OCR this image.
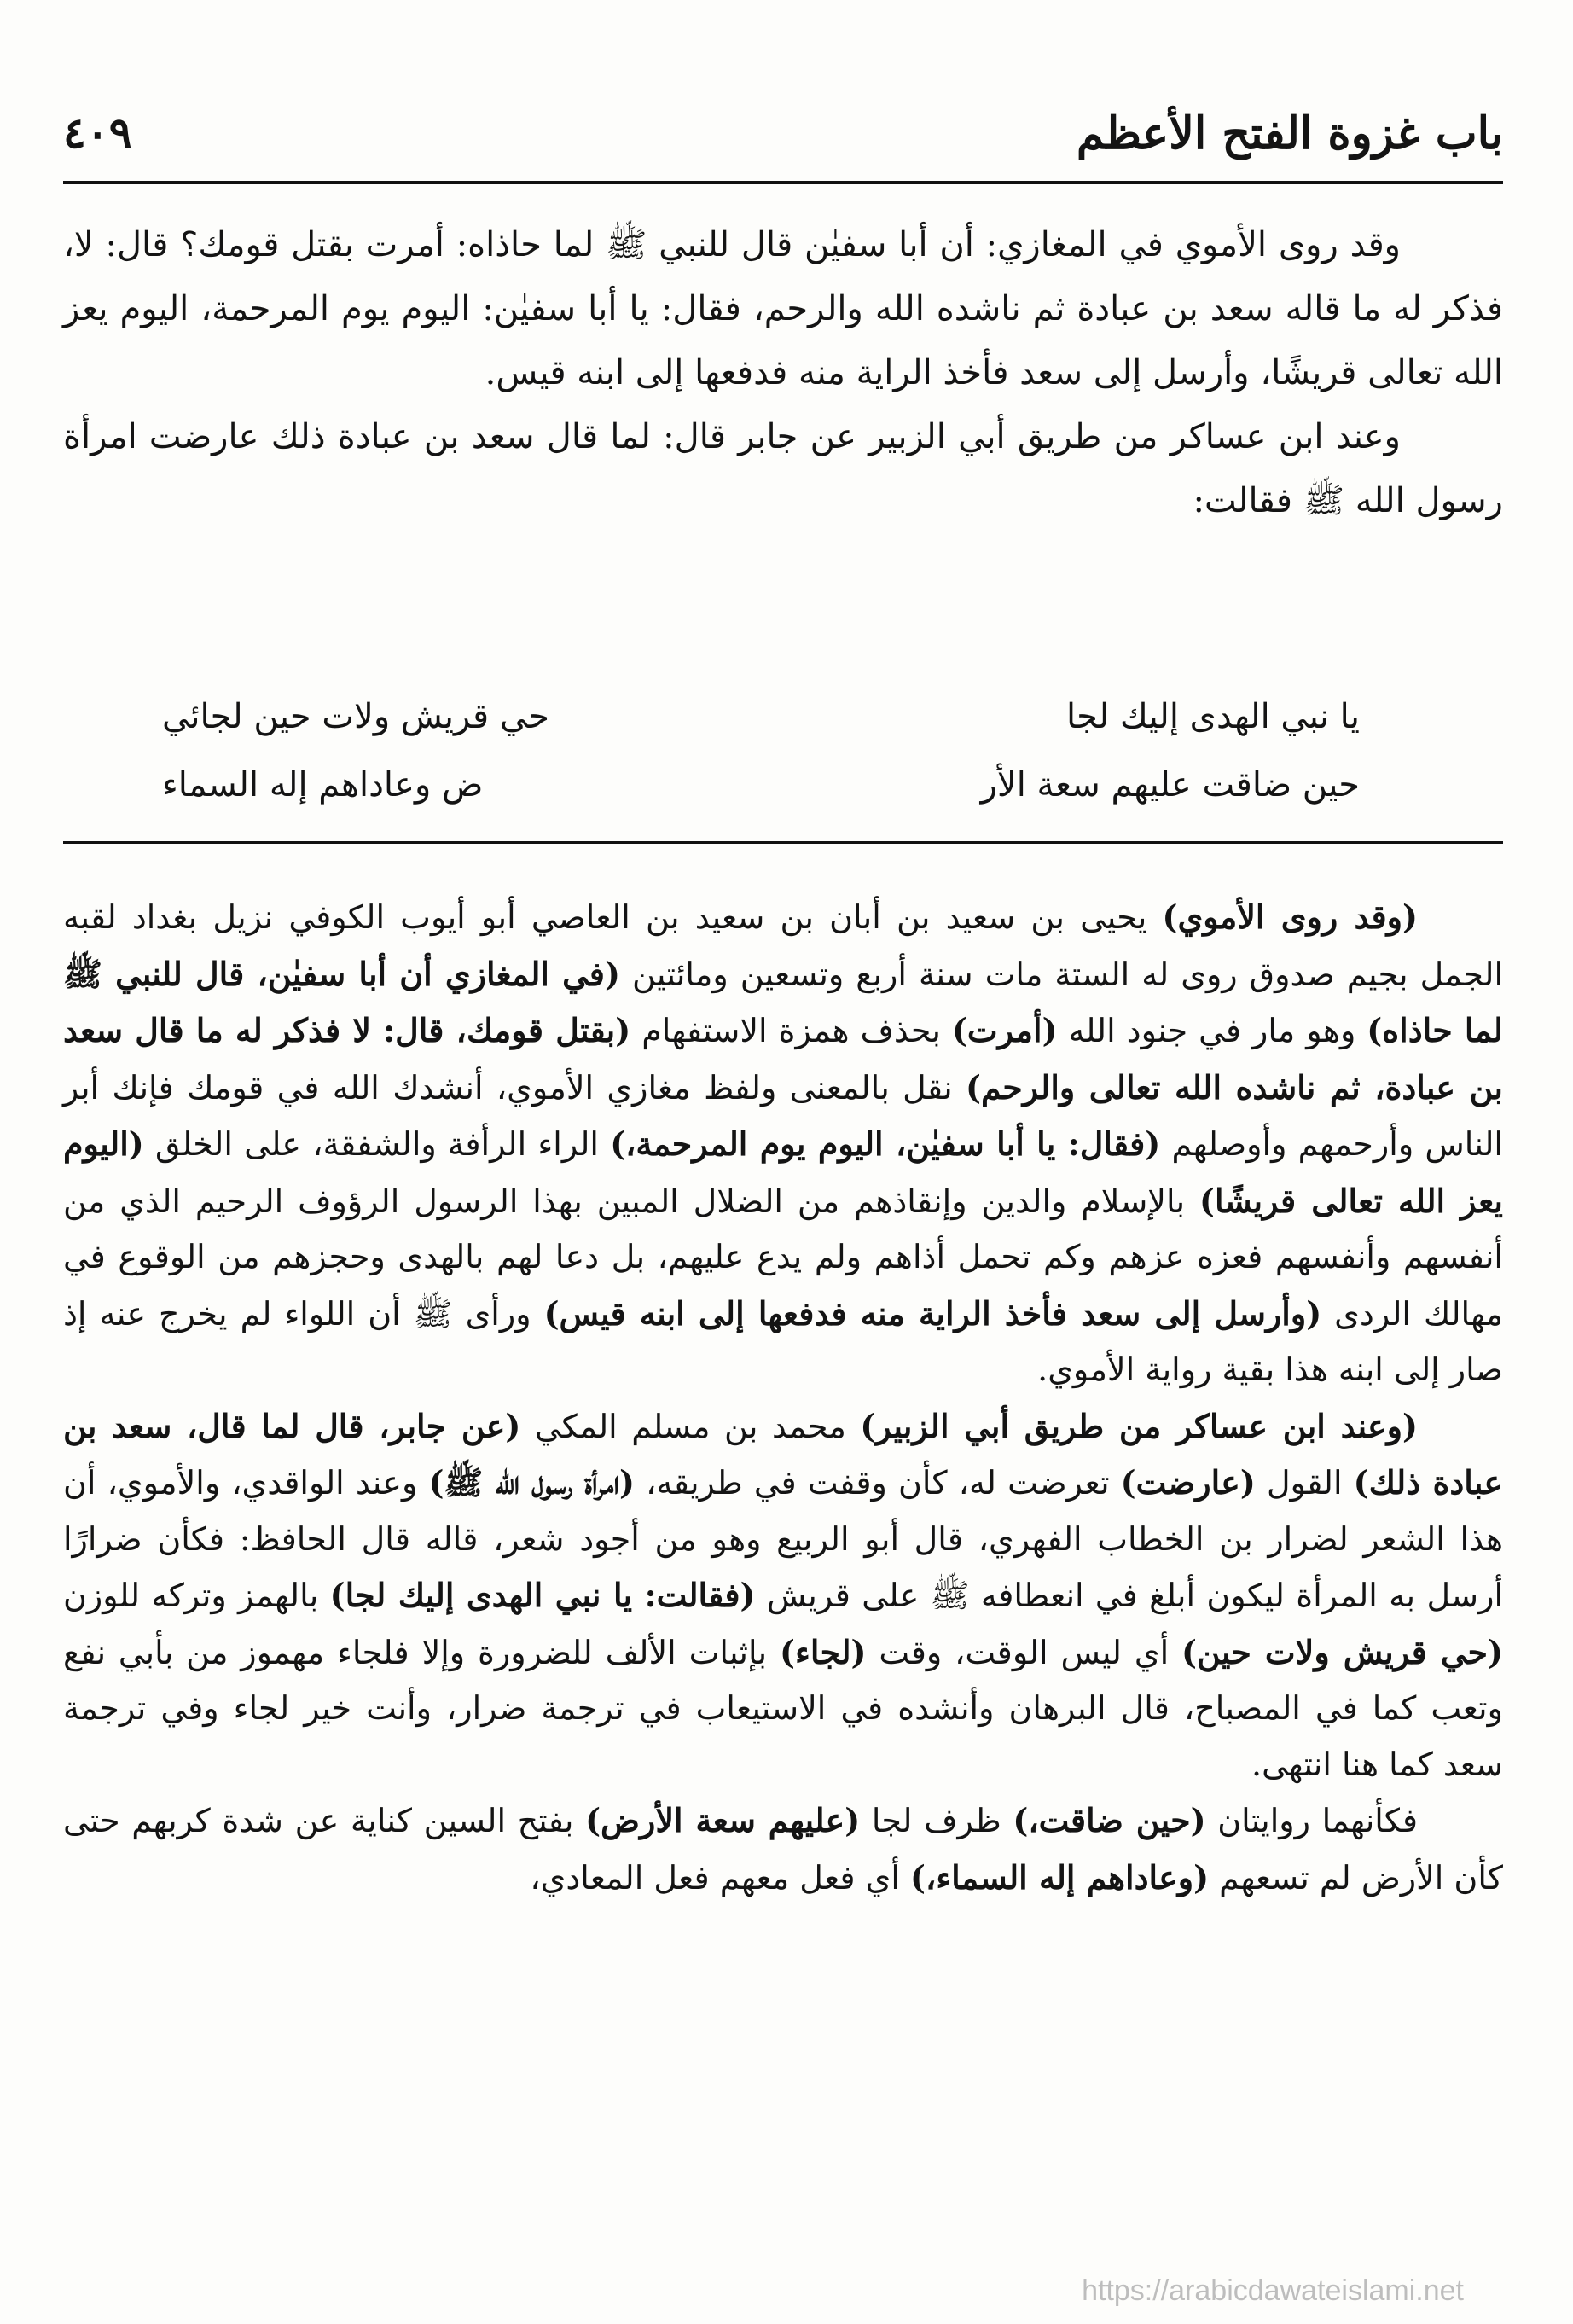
باب غزوة الفتح الأعظم
٤٠٩

وقد روى الأموي في المغازي: أن أبا سفيٰن قال للنبي ﷺ لما حاذاه: أمرت بقتل قومك؟ قال: لا، فذكر له ما قاله سعد بن عبادة ثم ناشده الله والرحم، فقال: يا أبا سفيٰن: اليوم يوم المرحمة، اليوم يعز الله تعالى قريشًا، وأرسل إلى سعد فأخذ الراية منه فدفعها إلى ابنه قيس.

وعند ابن عساكر من طريق أبي الزبير عن جابر قال: لما قال سعد بن عبادة ذلك عارضت امرأة رسول الله ﷺ فقالت:

يا نبي الهدى إليك لجا
حي قريش ولات حين لجائي
حين ضاقت عليهم سعة الأر
ض وعاداهم إله السماء

(وقد روى الأموي) يحيى بن سعيد بن أبان بن سعيد بن العاصي أبو أيوب الكوفي نزيل بغداد لقبه الجمل بجيم صدوق روى له الستة مات سنة أربع وتسعين ومائتين (في المغازي أن أبا سفيٰن، قال للنبي ﷺ لما حاذاه) وهو مار في جنود الله (أمرت) بحذف همزة الاستفهام (بقتل قومك، قال: لا فذكر له ما قال سعد بن عبادة، ثم ناشده الله تعالى والرحم) نقل بالمعنى ولفظ مغازي الأموي، أنشدك الله في قومك فإنك أبر الناس وأرحمهم وأوصلهم (فقال: يا أبا سفيٰن، اليوم يوم المرحمة،) الراء الرأفة والشفقة، على الخلق (اليوم يعز الله تعالى قريشًا) بالإسلام والدين وإنقاذهم من الضلال المبين بهذا الرسول الرؤوف الرحيم الذي من أنفسهم وأنفسهم فعزه عزهم وكم تحمل أذاهم ولم يدع عليهم، بل دعا لهم بالهدى وحجزهم من الوقوع في مهالك الردى (وأرسل إلى سعد فأخذ الراية منه فدفعها إلى ابنه قيس) ورأى ﷺ أن اللواء لم يخرج عنه إذ صار إلى ابنه هذا بقية رواية الأموي.

(وعند ابن عساكر من طريق أبي الزبير) محمد بن مسلم المكي (عن جابر، قال لما قال، سعد بن عبادة ذلك) القول (عارضت) تعرضت له، كأن وقفت في طريقه، (امرأة رسول الله ﷺ) وعند الواقدي، والأموي، أن هذا الشعر لضرار بن الخطاب الفهري، قال أبو الربيع وهو من أجود شعر، قاله قال الحافظ: فكأن ضرارًا أرسل به المرأة ليكون أبلغ في انعطافه ﷺ على قريش (فقالت: يا نبي الهدى إليك لجا) بالهمز وتركه للوزن (حي قريش ولات حين) أي ليس الوقت، وقت (لجاء) بإثبات الألف للضرورة وإلا فلجاء مهموز من بأبي نفع وتعب كما في المصباح، قال البرهان وأنشده في الاستيعاب في ترجمة ضرار، وأنت خير لجاء وفي ترجمة سعد كما هنا انتهى.

فكأنهما روايتان (حين ضاقت،) ظرف لجا (عليهم سعة الأرض) بفتح السين كناية عن شدة كربهم حتى كأن الأرض لم تسعهم (وعاداهم إله السماء،) أي فعل معهم فعل المعادي،

https://arabicdawateislami.net
